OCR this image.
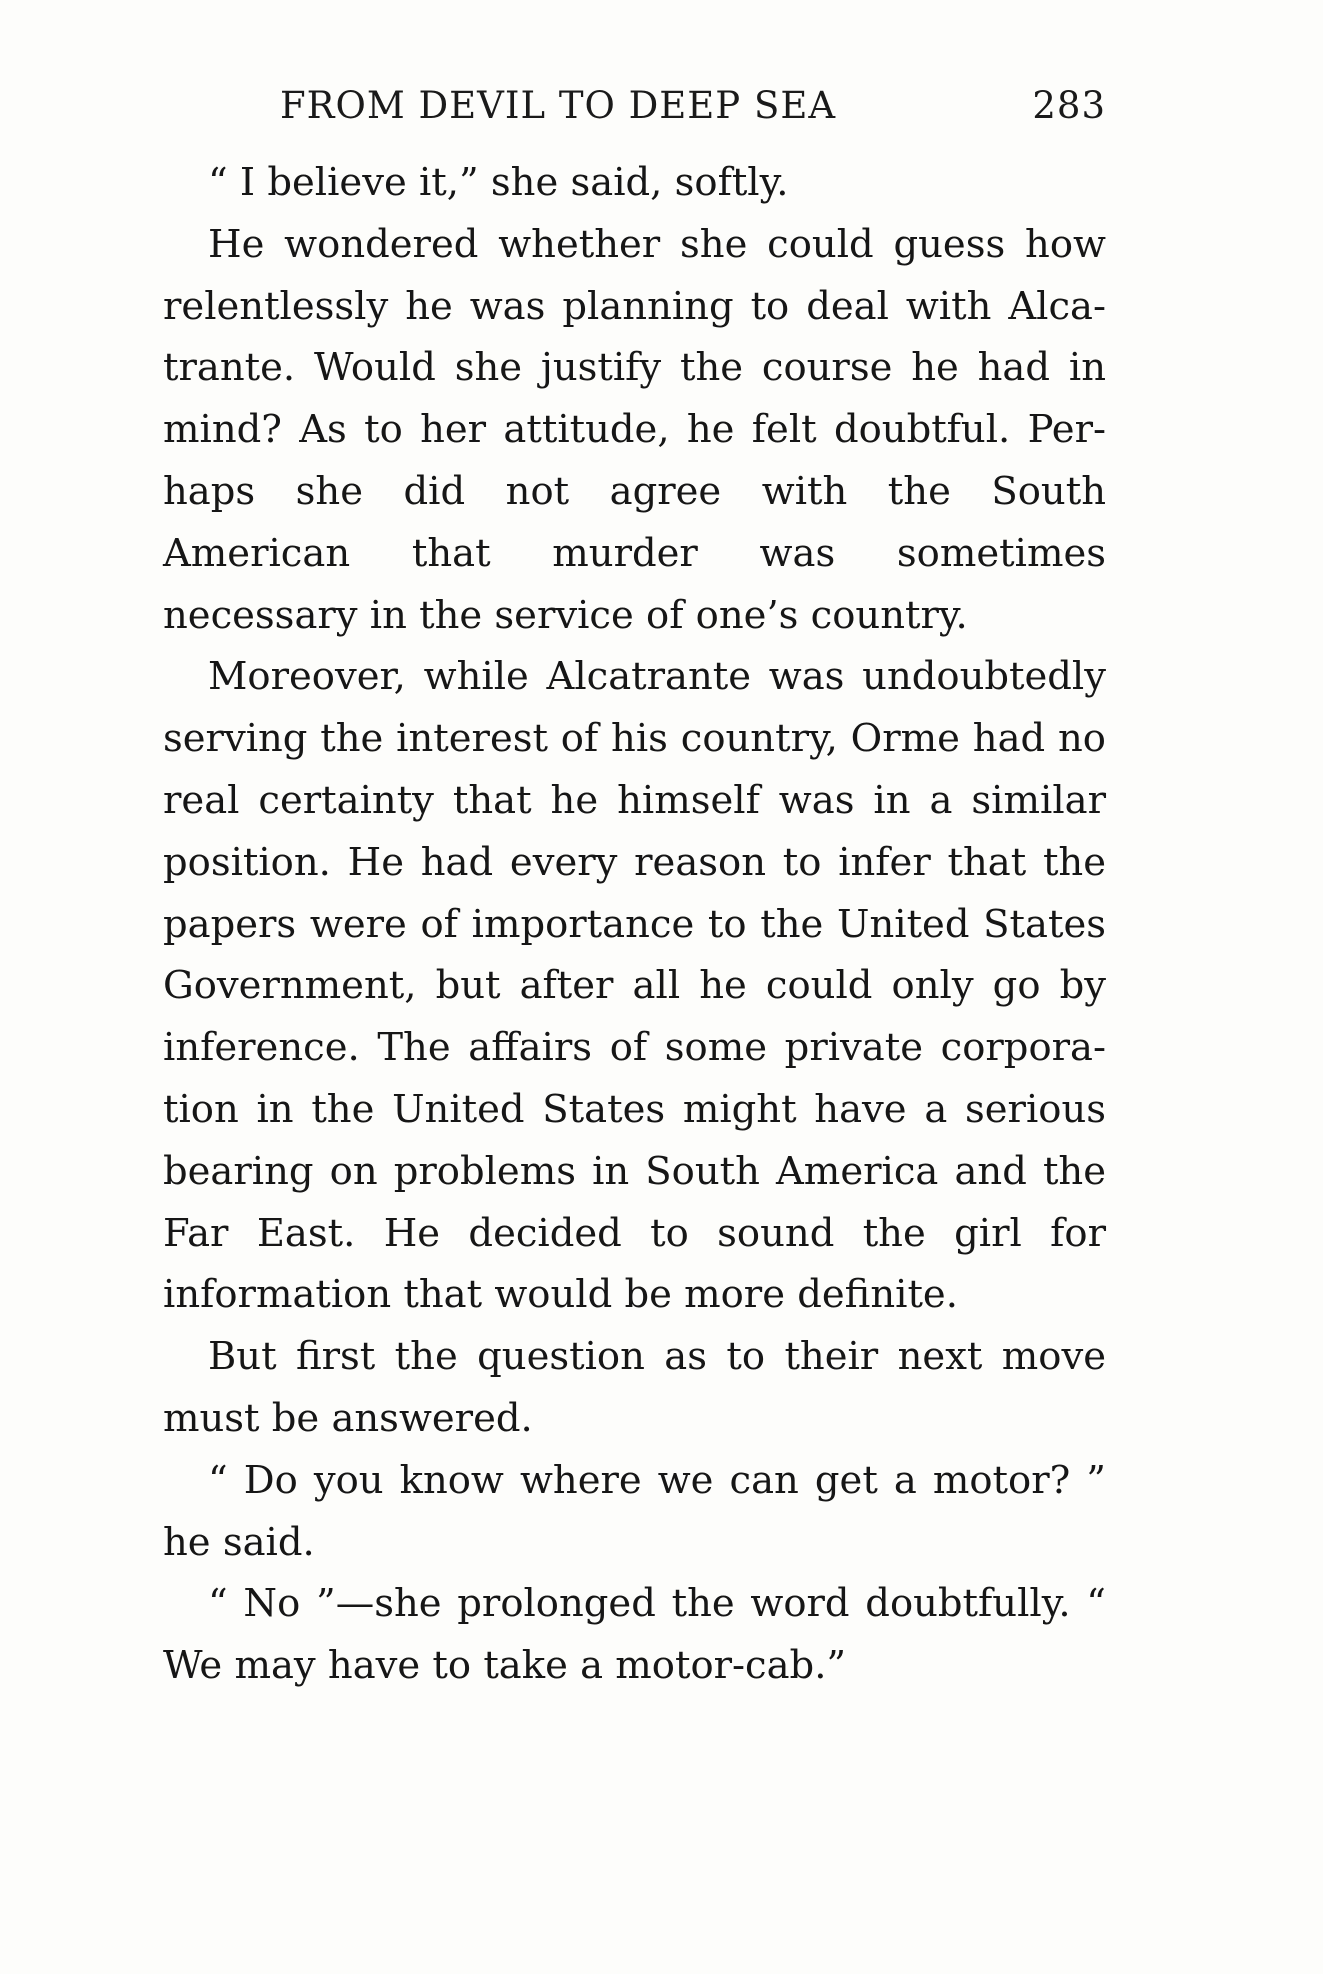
FROM DEVIL TO DEEP SEA	283

“ I believe it,” she said, softly.

He wondered whether she could guess how relentlessly he was planning to deal with Alcatrante. Would she justify the course he had in mind? As to her attitude, he felt doubtful. Perhaps she did not agree with the South American that murder was sometimes necessary in the service of one’s country.

Moreover, while Alcatrante was undoubtedly serving the interest of his country, Orme had no real certainty that he himself was in a similar position. He had every reason to infer that the papers were of importance to the United States Government, but after all he could only go by inference. The affairs of some private corporation in the United States might have a serious bearing on problems in South America and the Far East. He decided to sound the girl for information that would be more definite.

But first the question as to their next move must be answered.

“ Do you know where we can get a motor? ” he said.

“ No ”—she prolonged the word doubtfully. “ We may have to take a motor-cab.”
